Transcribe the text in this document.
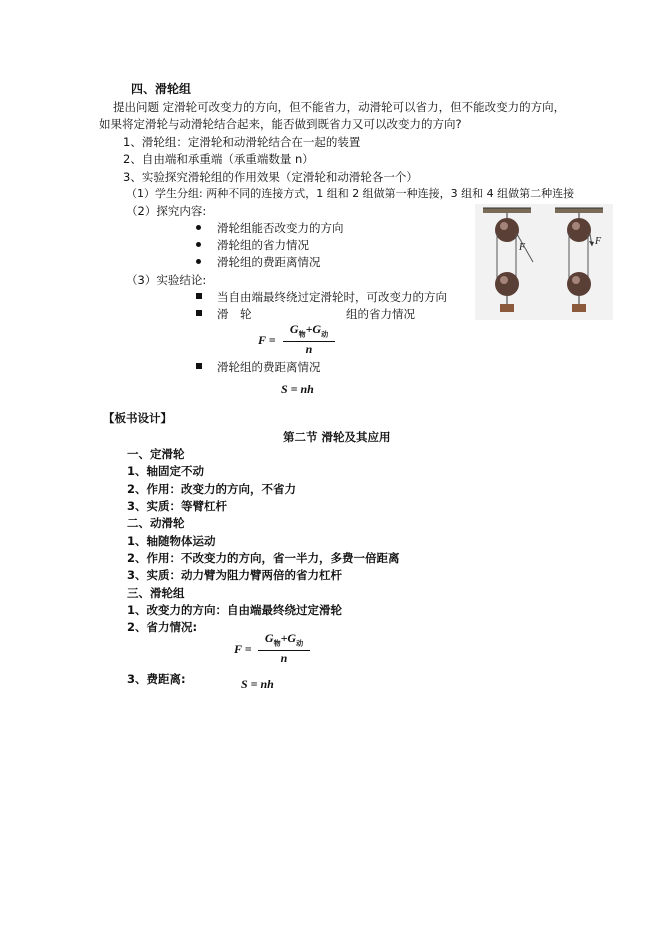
四、滑轮组
提出问题 定滑轮可改变力的方向，但不能省力，动滑轮可以省力，但不能改变力的方向，
如果将定滑轮与动滑轮结合起来，能否做到既省力又可以改变力的方向?
1、滑轮组：定滑轮和动滑轮结合在一起的装置
2、自由端和承重端（承重端数量 n）
3、实验探究滑轮组的作用效果（定滑轮和动滑轮各一个）
（1）学生分组: 两种不同的连接方式，1 组和 2 组做第一种连接，3 组和 4 组做第二种连接
（2）探究内容:
滑轮组能否改变力的方向
滑轮组的省力情况
滑轮组的费距离情况
（3）实验结论:
当自由端最终绕过定滑轮时，可改变力的方向
滑　轮	组的省力情况
F =
$G_物+G_动$
n
滑轮组的费距离情况
S = nh
F
F
【板书设计】
第二节 滑轮及其应用
一、定滑轮
1、轴固定不动
2、作用：改变力的方向，不省力
3、实质：等臂杠杆
二、动滑轮
1、轴随物体运动
2、作用：不改变力的方向，省一半力，多费一倍距离
3、实质：动力臂为阻力臂两倍的省力杠杆
三、滑轮组
1、改变力的方向：自由端最终绕过定滑轮
2、省力情况:
F =
$G_物+G_动$
n
3、费距离:	S = nh
